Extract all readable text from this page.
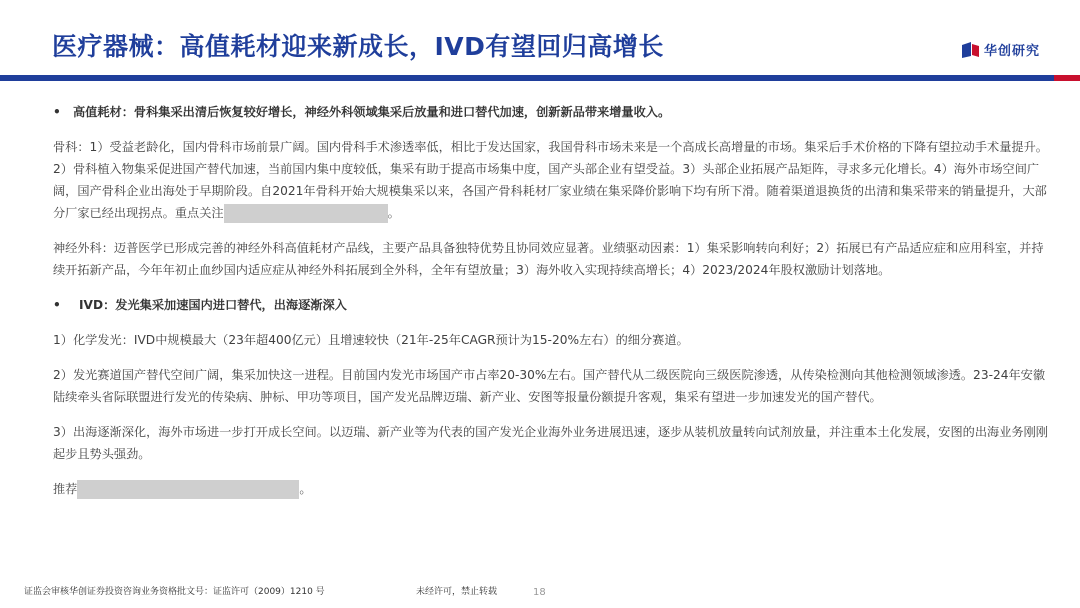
医疗器械：高值耗材迎来新成长，IVD有望回归高增长	华创研究
•	高值耗材：骨科集采出清后恢复较好增长，神经外科领域集采后放量和进口替代加速，创新新品带来增量收入。

骨科：1）受益老龄化，国内骨科市场前景广阔。国内骨科手术渗透率低，相比于发达国家，我国骨科市场未来是一个高成长高增量的市场。集采后手术价格的下降有望拉动手术量提升。2）骨科植入物集采促进国产替代加速，当前国内集中度较低，集采有助于提高市场集中度，国产头部企业有望受益。3）头部企业拓展产品矩阵，寻求多元化增长。4）海外市场空间广阔，国产骨科企业出海处于早期阶段。自2021年骨科开始大规模集采以来，各国产骨科耗材厂家业绩在集采降价影响下均有所下滑。随着渠道退换货的出清和集采带来的销量提升，大部分厂家已经出现拐点。重点关注	。

神经外科：迈普医学已形成完善的神经外科高值耗材产品线，主要产品具备独特优势且协同效应显著。业绩驱动因素：1）集采影响转向利好；2）拓展已有产品适应症和应用科室，并持续开拓新产品，今年年初止血纱国内适应症从神经外科拓展到全外科，全年有望放量；3）海外收入实现持续高增长；4）2023/2024年股权激励计划落地。

•	IVD：发光集采加速国内进口替代，出海逐渐深入

1）化学发光：IVD中规模最大（23年超400亿元）且增速较快（21年-25年CAGR预计为15-20%左右）的细分赛道。

2）发光赛道国产替代空间广阔，集采加快这一进程。目前国内发光市场国产市占率20-30%左右。国产替代从二级医院向三级医院渗透，从传染检测向其他检测领域渗透。23-24年安徽陆续牵头省际联盟进行发光的传染病、肿标、甲功等项目，国产发光品牌迈瑞、新产业、安图等报量份额提升客观，集采有望进一步加速发光的国产替代。

3）出海逐渐深化，海外市场进一步打开成长空间。以迈瑞、新产业等为代表的国产发光企业海外业务进展迅速，逐步从装机放量转向试剂放量，并注重本土化发展，安图的出海业务刚刚起步且势头强劲。

推荐	。

证监会审核华创证券投资咨询业务资格批文号：证监许可（2009）1210 号	未经许可，禁止转载	18
